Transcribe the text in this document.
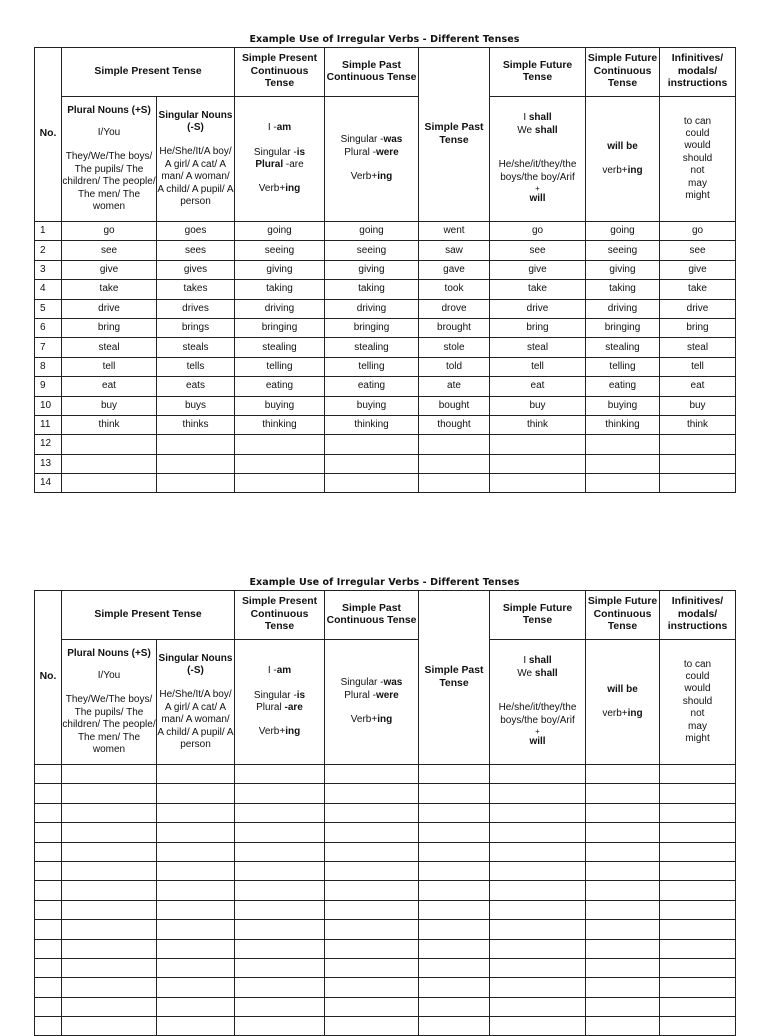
Example Use of Irregular Verbs - Different Tenses
No.	Simple Present Tense		Simple Present Continuous Tense	Simple Past Continuous Tense	Simple Past Tense	Simple Future Tense	Simple Future Continuous Tense	Infinitives/ modals/ instructions

	Plural Nouns (+S)
I/You
They/We/The boys/ The pupils/ The children/ The people/ The men/ The women	Singular Nouns (-S)
He/She/It/A boy/ A girl/ A cat/ A man/ A woman/ A child/ A pupil/ A person	I -am
Singular -is
Plural -are
Verb+ing	Singular -was
Plural -were
Verb+ing		I shall
We shall
He/she/it/they/the boys/the boy/Arif
+
will	will be
verb+ing	to can could would should not may might

1	go	goes	going	going	went	go	going	go
2	see	sees	seeing	seeing	saw	see	seeing	see
3	give	gives	giving	giving	gave	give	giving	give
4	take	takes	taking	taking	took	take	taking	take
5	drive	drives	driving	driving	drove	drive	driving	drive
6	bring	brings	bringing	bringing	brought	bring	bringing	bring
7	steal	steals	stealing	stealing	stole	steal	stealing	steal
8	tell	tells	telling	telling	told	tell	telling	tell
9	eat	eats	eating	eating	ate	eat	eating	eat
10	buy	buys	buying	buying	bought	buy	buying	buy
11	think	thinks	thinking	thinking	thought	think	thinking	think
12								
13								
14								
Example Use of Irregular Verbs - Different Tenses
No.	Simple Present Tense		Simple Present Continuous Tense	Simple Past Continuous Tense	Simple Past Tense	Simple Future Tense	Simple Future Continuous Tense	Infinitives/ modals/ instructions

	Plural Nouns (+S)
I/You
They/We/The boys/ The pupils/ The children/ The people/ The men/ The women	Singular Nouns (-S)
He/She/It/A boy/ A girl/ A cat/ A man/ A woman/ A child/ A pupil/ A person	I -am
Singular -is
Plural -are
Verb+ing	Singular -was
Plural -were
Verb+ing		I shall
We shall
He/she/it/they/the boys/the boy/Arif
+
will	will be
verb+ing	to can could would should not may might
